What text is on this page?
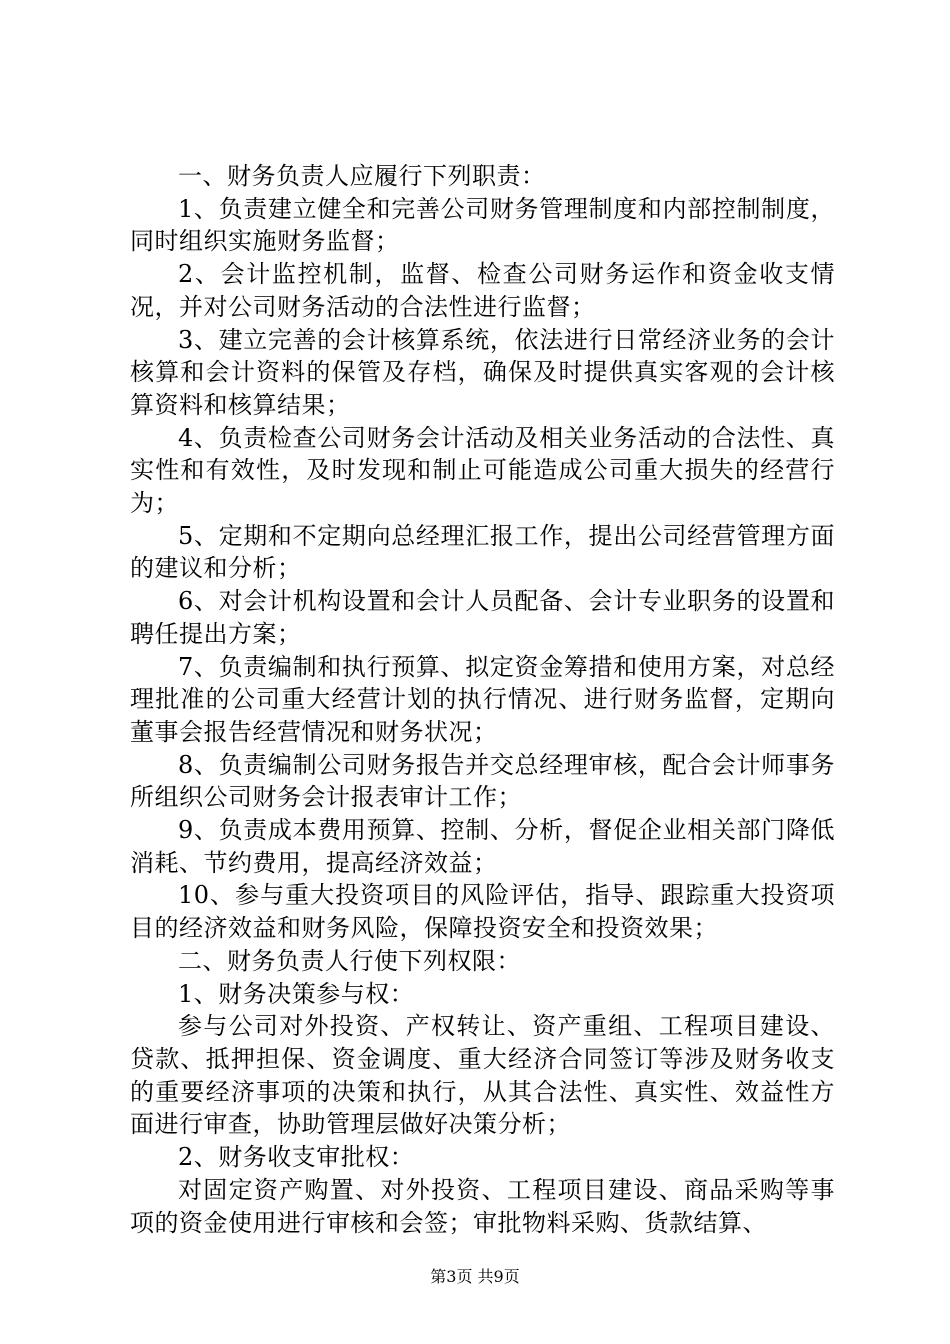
一、财务负责人应履行下列职责：

1、负责建立健全和完善公司财务管理制度和内部控制制度，同时组织实施财务监督；

2、会计监控机制，监督、检查公司财务运作和资金收支情况，并对公司财务活动的合法性进行监督；

3、建立完善的会计核算系统，依法进行日常经济业务的会计核算和会计资料的保管及存档，确保及时提供真实客观的会计核算资料和核算结果；

4、负责检查公司财务会计活动及相关业务活动的合法性、真实性和有效性，及时发现和制止可能造成公司重大损失的经营行为；

5、定期和不定期向总经理汇报工作，提出公司经营管理方面的建议和分析；

6、对会计机构设置和会计人员配备、会计专业职务的设置和聘任提出方案；

7、负责编制和执行预算、拟定资金筹措和使用方案，对总经理批准的公司重大经营计划的执行情况、进行财务监督，定期向董事会报告经营情况和财务状况；

8、负责编制公司财务报告并交总经理审核，配合会计师事务所组织公司财务会计报表审计工作；

9、负责成本费用预算、控制、分析，督促企业相关部门降低消耗、节约费用，提高经济效益；

10、参与重大投资项目的风险评估，指导、跟踪重大投资项目的经济效益和财务风险，保障投资安全和投资效果；

二、财务负责人行使下列权限：

1、财务决策参与权：

参与公司对外投资、产权转让、资产重组、工程项目建设、贷款、抵押担保、资金调度、重大经济合同签订等涉及财务收支的重要经济事项的决策和执行，从其合法性、真实性、效益性方面进行审查，协助管理层做好决策分析；

2、财务收支审批权：

对固定资产购置、对外投资、工程项目建设、商品采购等事项的资金使用进行审核和会签；审批物料采购、货款结算、

第3页 共9页
